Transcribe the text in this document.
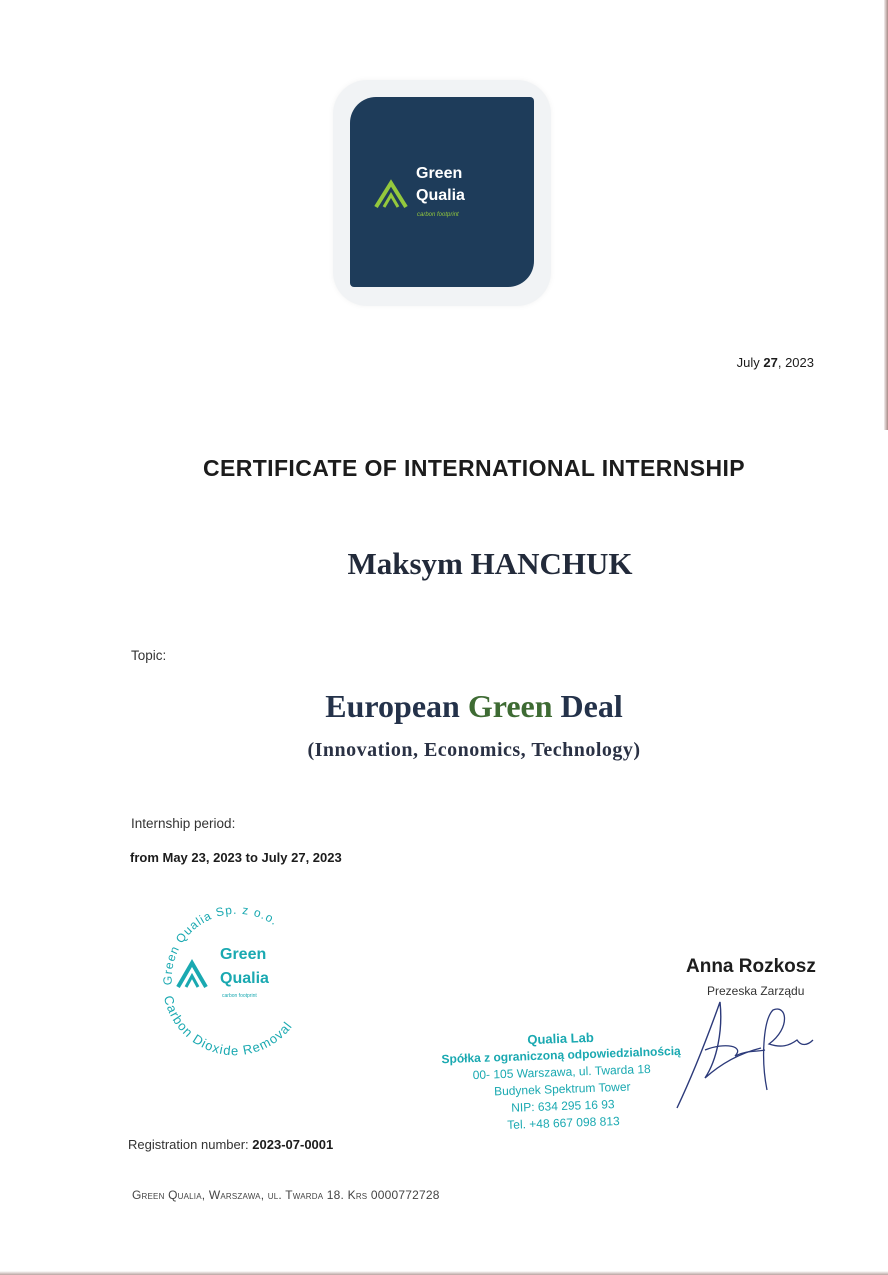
Green
Qualia
carbon footprint
July 27, 2023
CERTIFICATE OF INTERNATIONAL INTERNSHIP
Maksym HANCHUK
Topic:
European Green Deal
(Innovation, Economics, Technology)
Internship period:
from May 23, 2023 to July 27, 2023
Green Qualia Sp. z o.o.
Carbon Dioxide Removal
Green
Qualia
carbon footprint
Anna Rozkosz
Prezeska Zarządu
Qualia Lab
Spółka z ograniczoną odpowiedzialnością
00- 105 Warszawa, ul. Twarda 18
Budynek Spektrum Tower
NIP: 634 295 16 93
Tel. +48 667 098 813
Registration number: 2023-07-0001
Green Qualia, Warszawa, ul. Twarda 18. Krs 0000772728
